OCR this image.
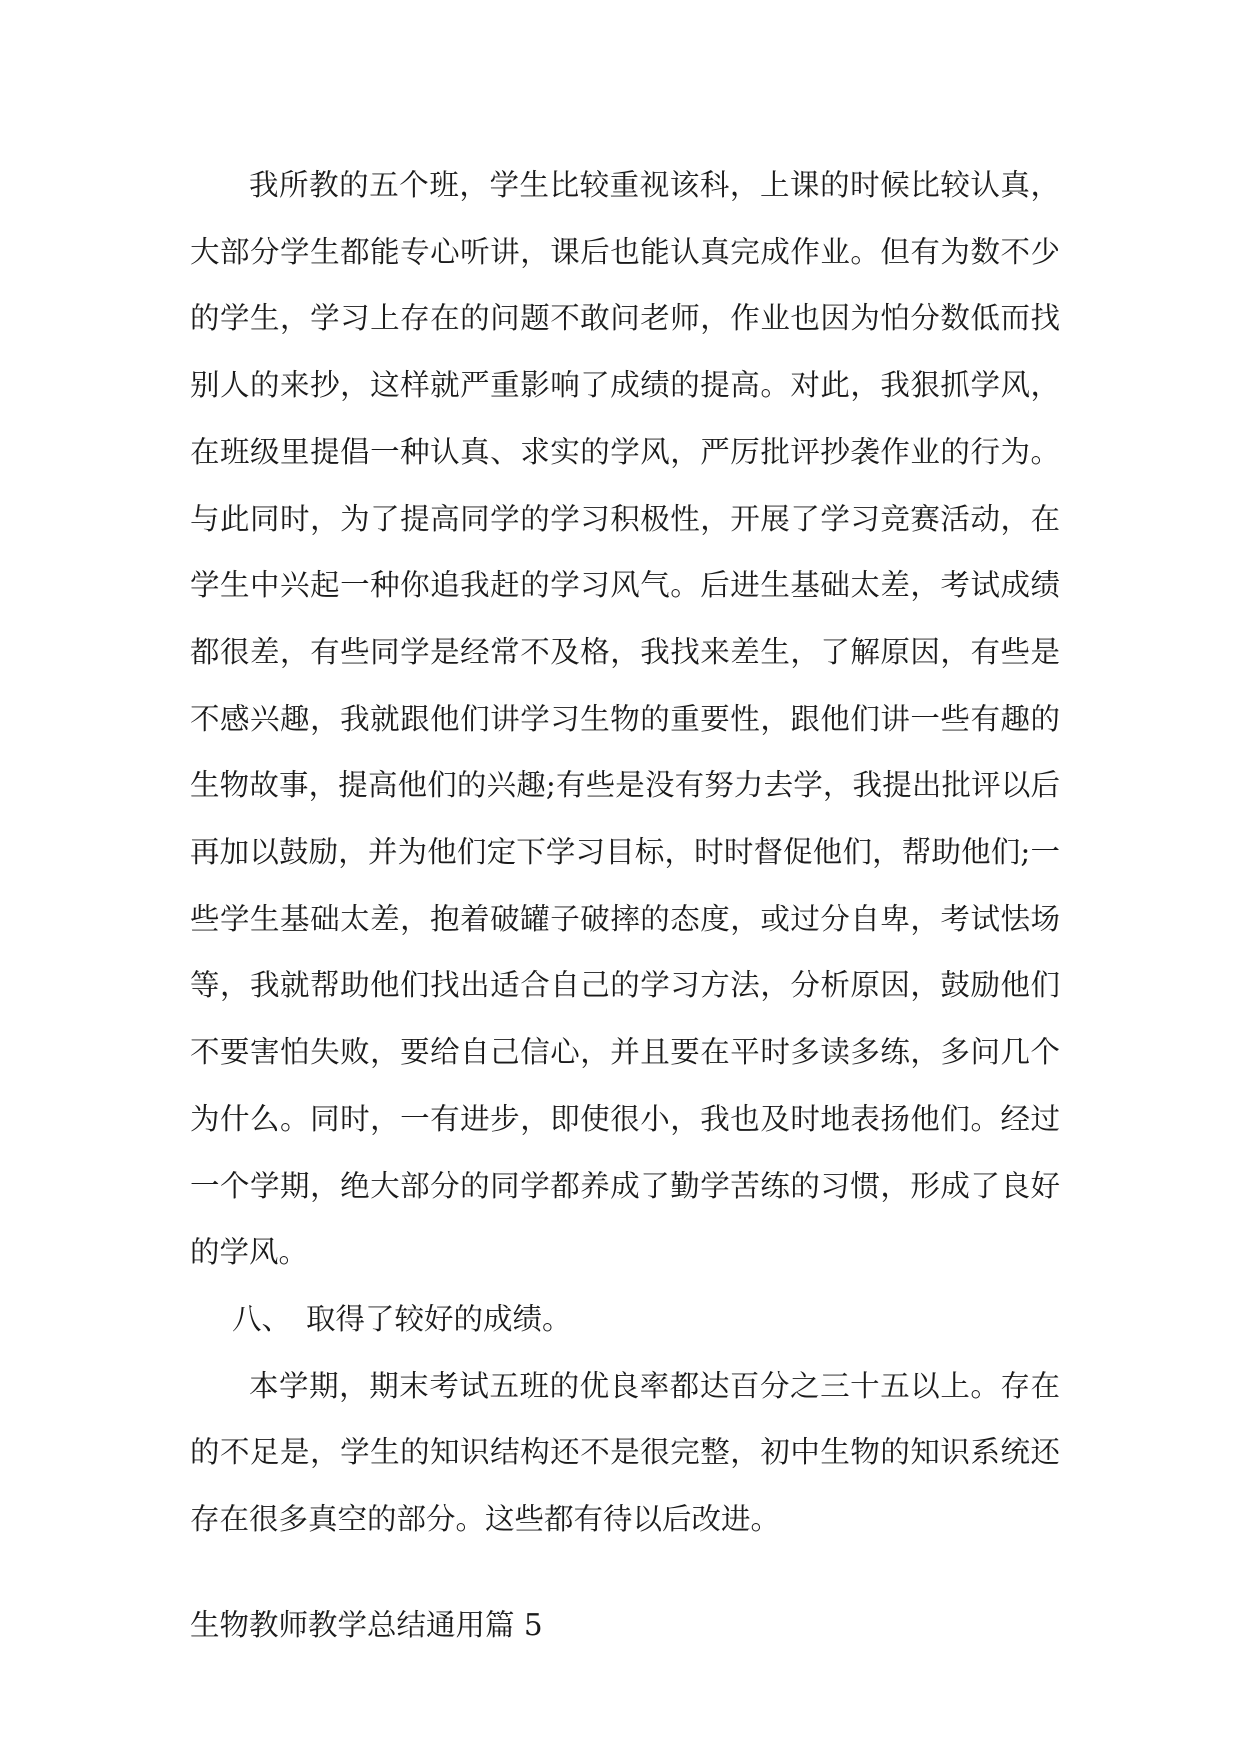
我所教的五个班，学生比较重视该科，上课的时候比较认真，大部分学生都能专心听讲，课后也能认真完成作业。但有为数不少的学生，学习上存在的问题不敢问老师，作业也因为怕分数低而找别人的来抄，这样就严重影响了成绩的提高。对此，我狠抓学风，在班级里提倡一种认真、求实的学风，严厉批评抄袭作业的行为。与此同时，为了提高同学的学习积极性，开展了学习竞赛活动，在学生中兴起一种你追我赶的学习风气。后进生基础太差，考试成绩都很差，有些同学是经常不及格，我找来差生，了解原因，有些是不感兴趣，我就跟他们讲学习生物的重要性，跟他们讲一些有趣的生物故事，提高他们的兴趣;有些是没有努力去学，我提出批评以后再加以鼓励，并为他们定下学习目标，时时督促他们，帮助他们;一些学生基础太差，抱着破罐子破摔的态度，或过分自卑，考试怯场等，我就帮助他们找出适合自己的学习方法，分析原因，鼓励他们不要害怕失败，要给自己信心，并且要在平时多读多练，多问几个为什么。同时，一有进步，即使很小，我也及时地表扬他们。经过一个学期，绝大部分的同学都养成了勤学苦练的习惯，形成了良好的学风。

八、 取得了较好的成绩。

本学期，期末考试五班的优良率都达百分之三十五以上。存在的不足是，学生的知识结构还不是很完整，初中生物的知识系统还存在很多真空的部分。这些都有待以后改进。

生物教师教学总结通用篇 5
